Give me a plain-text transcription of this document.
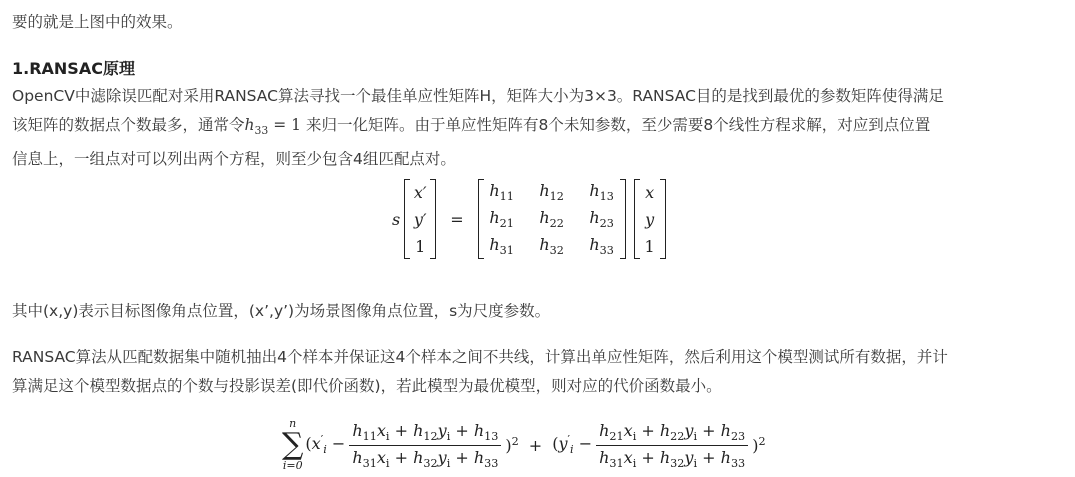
要的就是上图中的效果。
1.RANSAC原理
OpenCV中滤除误匹配对采用RANSAC算法寻找一个最佳单应性矩阵H，矩阵大小为3×3。RANSAC目的是找到最优的参数矩阵使得满足
该矩阵的数据点个数最多，通常令$h_{33} = 1$ 来归一化矩阵。由于单应性矩阵有8个未知参数，至少需要8个线性方程求解，对应到点位置
信息上，一组点对可以列出两个方程，则至少包含4组匹配点对。
s
x′
y′
1
=
$h_{11}$ $h_{12}$ $h_{13}$
$h_{21}$ $h_{22}$ $h_{23}$
$h_{31}$ $h_{32}$ $h_{33}$
x
y
1
其中(x,y)表示目标图像角点位置，(x’,y’)为场景图像角点位置，s为尺度参数。
RANSAC算法从匹配数据集中随机抽出4个样本并保证这4个样本之间不共线，计算出单应性矩阵，然后利用这个模型测试所有数据，并计
算满足这个模型数据点的个数与投影误差(即代价函数)，若此模型为最优模型，则对应的代价函数最小。
n
∑
i=0
$(x'_i - \frac{h_{11}x_i + h_{12}y_i + h_{13}}{h_{31}x_i + h_{32}y_i + h_{33}} )^2 + (y'_i - \frac{h_{21}x_i + h_{22}y_i + h_{23}}{h_{31}x_i + h_{32}y_i + h_{33}} )^2$
